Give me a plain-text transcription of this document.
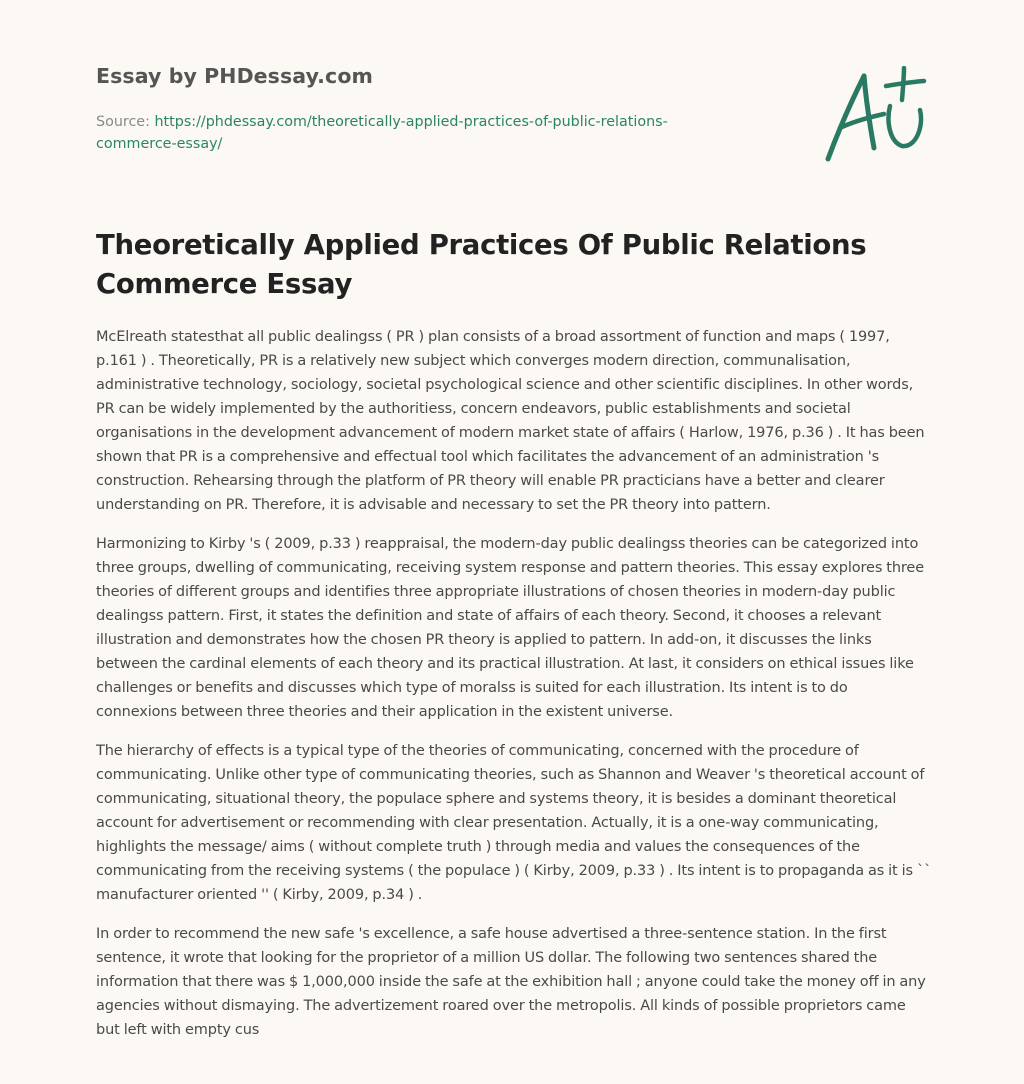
Essay by PHDessay.com
Source: https://phdessay.com/theoretically-applied-practices-of-public-relations-commerce-essay/
Theoretically Applied Practices Of Public Relations Commerce Essay

McElreath statesthat all public dealingss ( PR ) plan consists of a broad assortment of function and maps ( 1997, p.161 ) . Theoretically, PR is a relatively new subject which converges modern direction, communalisation, administrative technology, sociology, societal psychological science and other scientific disciplines. In other words, PR can be widely implemented by the authoritiess, concern endeavors, public establishments and societal organisations in the development advancement of modern market state of affairs ( Harlow, 1976, p.36 ) . It has been shown that PR is a comprehensive and effectual tool which facilitates the advancement of an administration 's construction. Rehearsing through the platform of PR theory will enable PR practicians have a better and clearer understanding on PR. Therefore, it is advisable and necessary to set the PR theory into pattern.

Harmonizing to Kirby 's ( 2009, p.33 ) reappraisal, the modern-day public dealingss theories can be categorized into three groups, dwelling of communicating, receiving system response and pattern theories. This essay explores three theories of different groups and identifies three appropriate illustrations of chosen theories in modern-day public dealingss pattern. First, it states the definition and state of affairs of each theory. Second, it chooses a relevant illustration and demonstrates how the chosen PR theory is applied to pattern. In add-on, it discusses the links between the cardinal elements of each theory and its practical illustration. At last, it considers on ethical issues like challenges or benefits and discusses which type of moralss is suited for each illustration. Its intent is to do connexions between three theories and their application in the existent universe.

The hierarchy of effects is a typical type of the theories of communicating, concerned with the procedure of communicating. Unlike other type of communicating theories, such as Shannon and Weaver 's theoretical account of communicating, situational theory, the populace sphere and systems theory, it is besides a dominant theoretical account for advertisement or recommending with clear presentation. Actually, it is a one-way communicating, highlights the message/ aims ( without complete truth ) through media and values the consequences of the communicating from the receiving systems ( the populace ) ( Kirby, 2009, p.33 ) . Its intent is to propaganda as it is `` manufacturer oriented '' ( Kirby, 2009, p.34 ) .

In order to recommend the new safe 's excellence, a safe house advertised a three-sentence station. In the first sentence, it wrote that looking for the proprietor of a million US dollar. The following two sentences shared the information that there was $ 1,000,000 inside the safe at the exhibition hall ; anyone could take the money off in any agencies without dismaying. The advertizement roared over the metropolis. All kinds of possible proprietors came but left with empty cus
